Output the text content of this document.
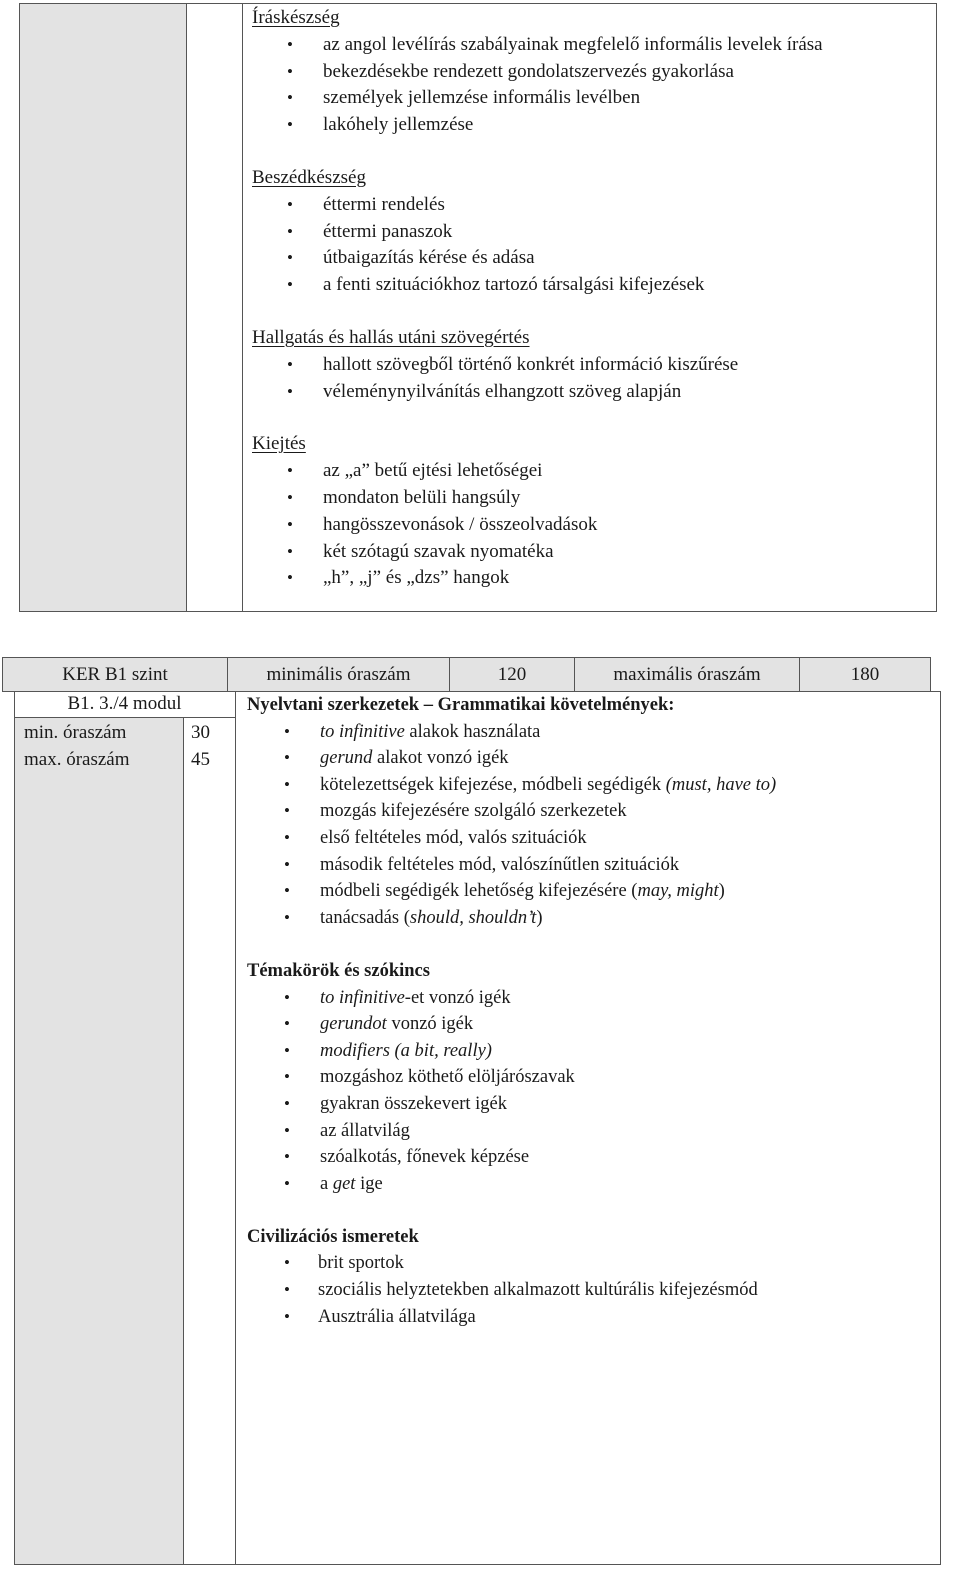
Íráskészség
• az angol levélírás szabályainak megfelelő informális levelek írása
• bekezdésekbe rendezett gondolatszervezés gyakorlása
• személyek jellemzése informális levélben
• lakóhely jellemzése
Beszédkészség
• éttermi rendelés
• éttermi panaszok
• útbaigazítás kérése és adása
• a fenti szituációkhoz tartozó társalgási kifejezések
Hallgatás és hallás utáni szövegértés
• hallott szövegből történő konkrét információ kiszűrése
• véleménynyilvánítás elhangzott szöveg alapján
Kiejtés
• az „a” betű ejtési lehetőségei
• mondaton belüli hangsúly
• hangösszevonások / összeolvadások
• két szótagú szavak nyomatéka
• „h”, „j” és „dzs” hangok
KER B1 szint	minimális óraszám	120	maximális óraszám	180
B1. 3./4 modul
min. óraszám	30
max. óraszám	45
Nyelvtani szerkezetek – Grammatikai követelmények:
• to infinitive alakok használata
• gerund alakot vonzó igék
• kötelezettségek kifejezése, módbeli segédigék (must, have to)
• mozgás kifejezésére szolgáló szerkezetek
• első feltételes mód, valós szituációk
• második feltételes mód, valószínűtlen szituációk
• módbeli segédigék lehetőség kifejezésére (may, might)
• tanácsadás (should, shouldn’t)
Témakörök és szókincs
• to infinitive-et vonzó igék
• gerundot vonzó igék
• modifiers (a bit, really)
• mozgáshoz köthető elöljárószavak
• gyakran összekevert igék
• az állatvilág
• szóalkotás, főnevek képzése
• a get ige
Civilizációs ismeretek
• brit sportok
• szociális helyztetekben alkalmazott kultúrális kifejezésmód
• Ausztrália állatvilága
